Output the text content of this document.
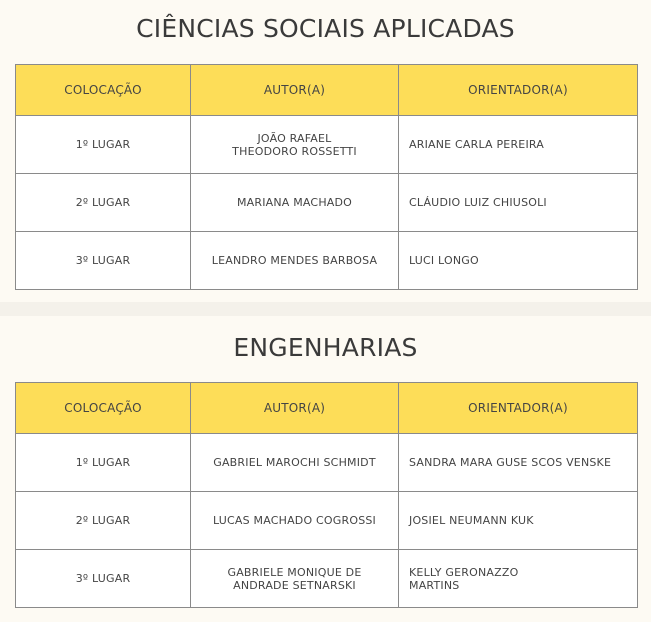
CIÊNCIAS SOCIAIS APLICADAS
COLOCAÇÃO	AUTOR(A)	ORIENTADOR(A)
1º LUGAR	JOÃO RAFAEL THEODORO ROSSETTI	ARIANE CARLA PEREIRA
2º LUGAR	MARIANA MACHADO	CLÁUDIO LUIZ CHIUSOLI
3º LUGAR	LEANDRO MENDES BARBOSA	LUCI LONGO
ENGENHARIAS
COLOCAÇÃO	AUTOR(A)	ORIENTADOR(A)
1º LUGAR	GABRIEL MAROCHI SCHMIDT	SANDRA MARA GUSE SCOS VENSKE
2º LUGAR	LUCAS MACHADO COGROSSI	JOSIEL NEUMANN KUK
3º LUGAR	GABRIELE MONIQUE DE ANDRADE SETNARSKI	KELLY GERONAZZO MARTINS
